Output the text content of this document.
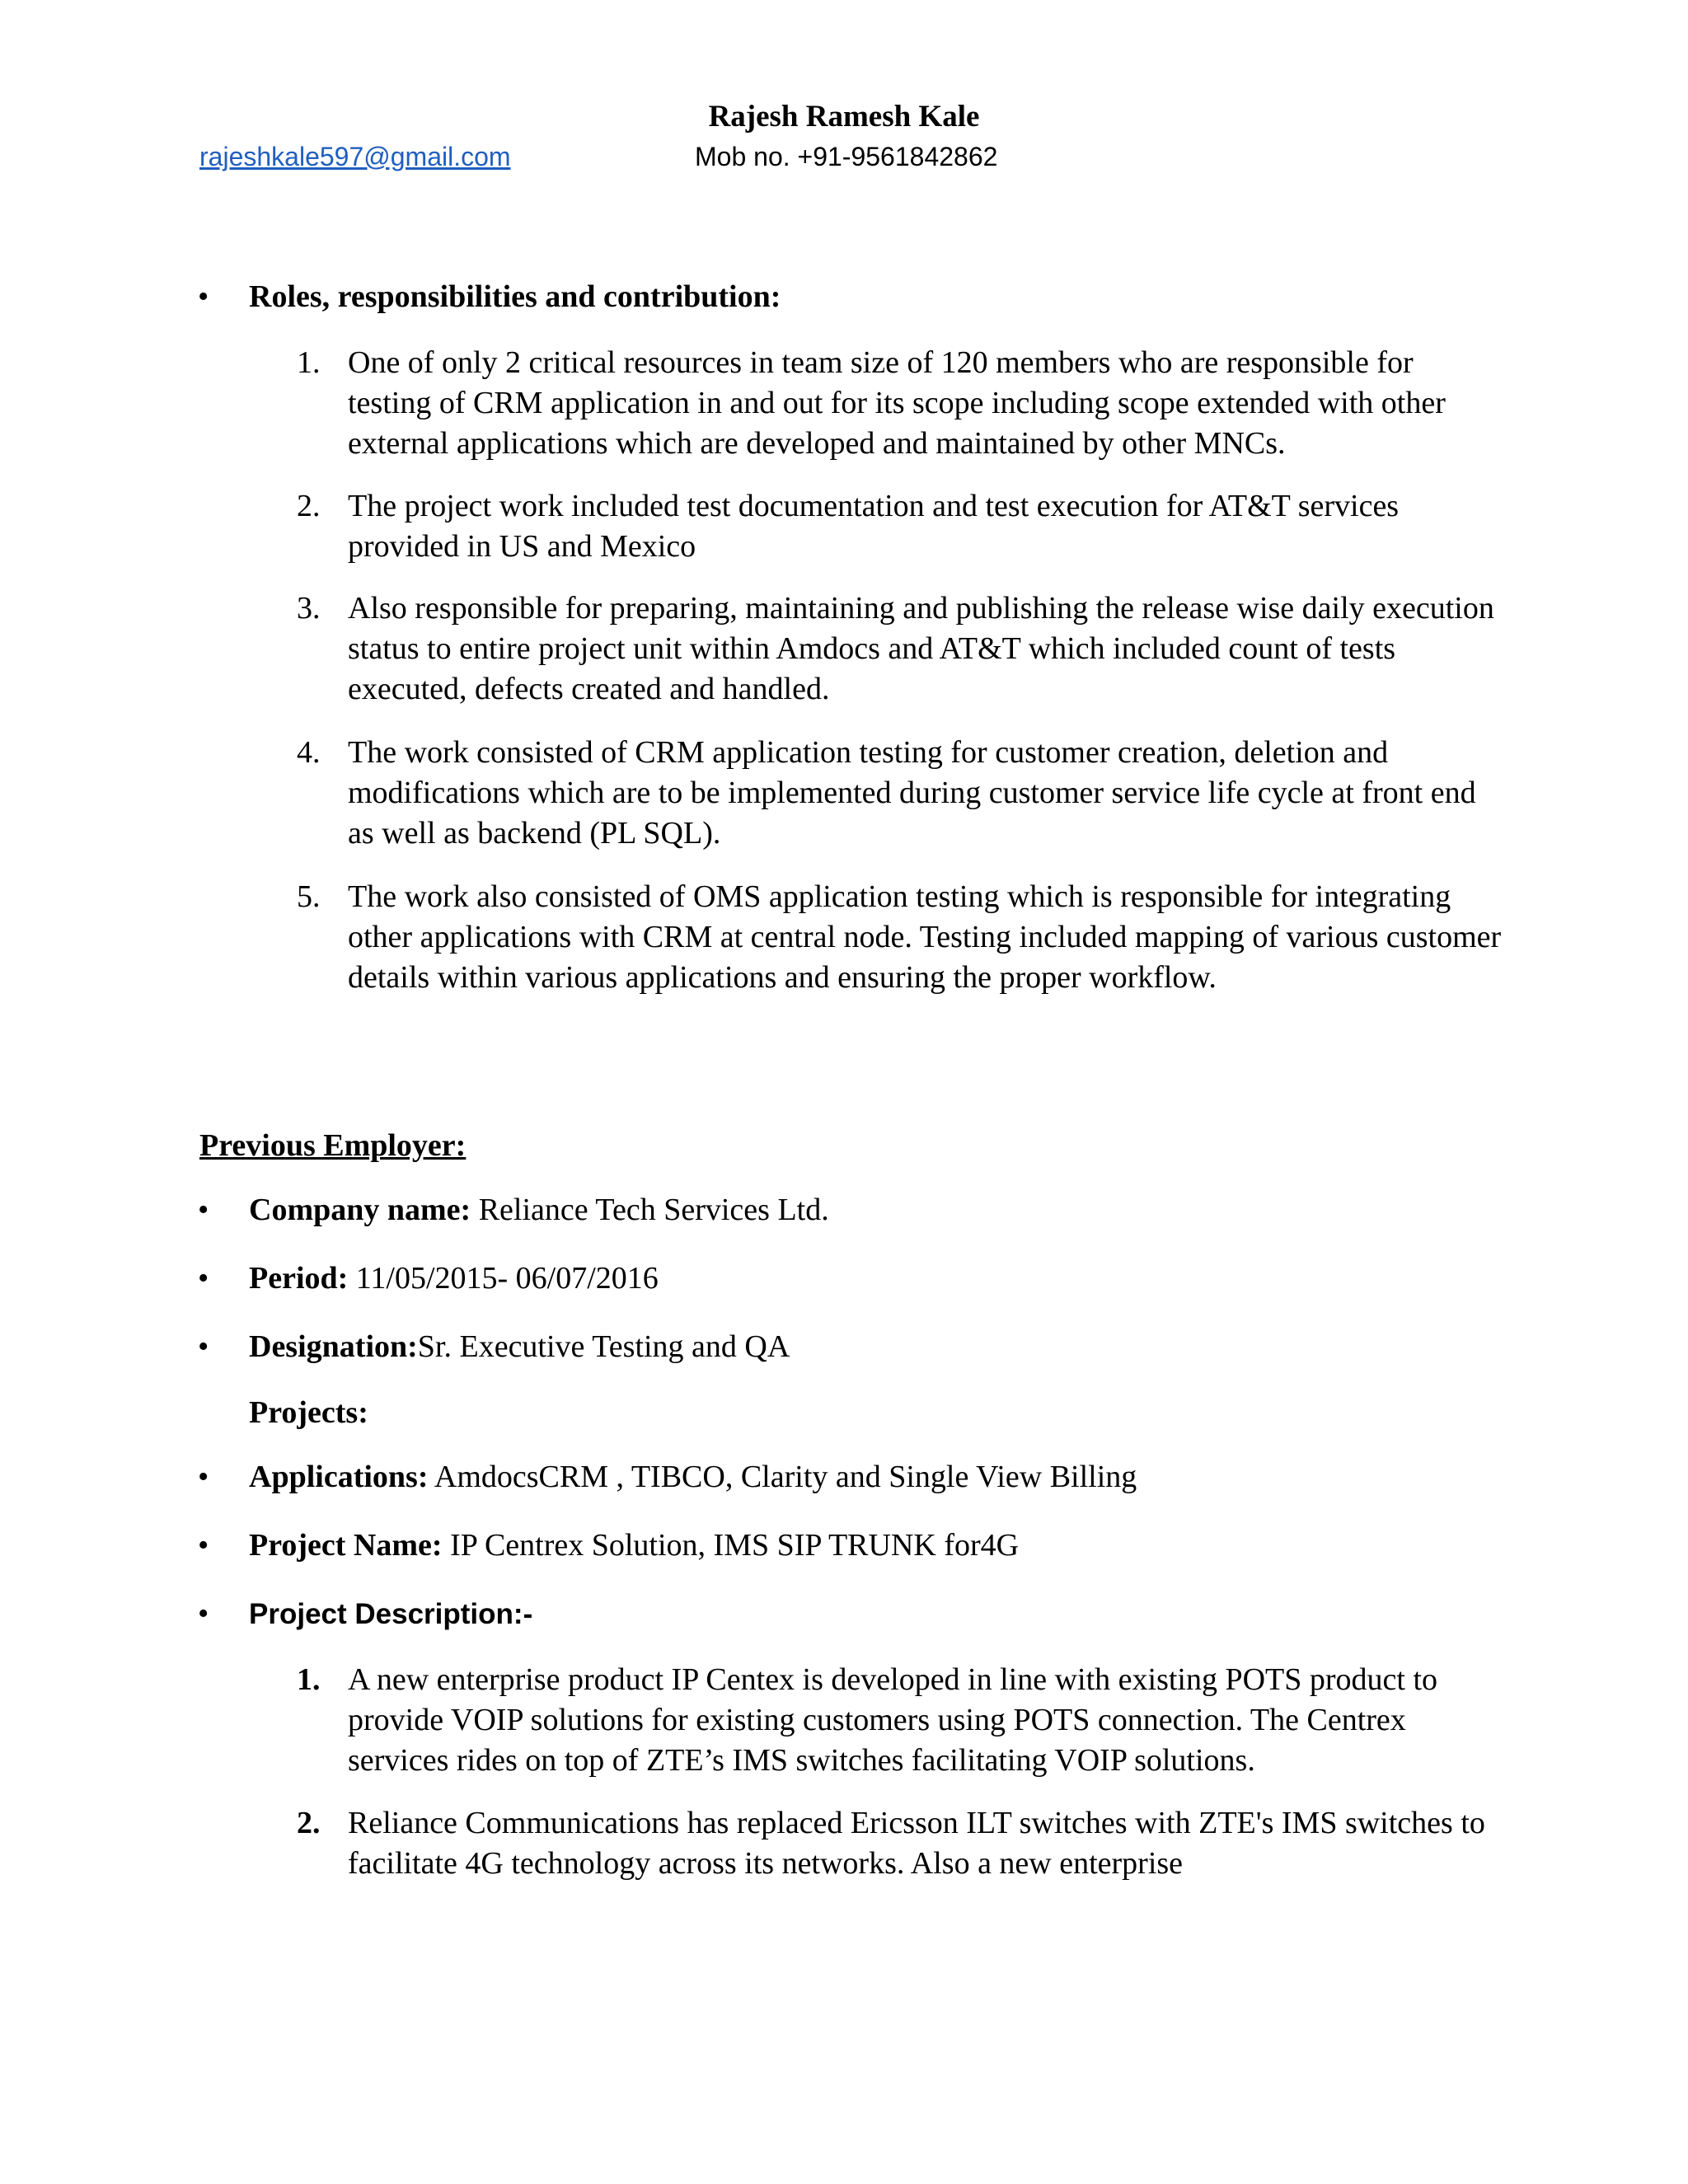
Rajesh Ramesh Kale
rajeshkale597@gmail.com	Mob no. +91-9561842862
• Roles, responsibilities and contribution:
1. One of only 2 critical resources in team size of 120 members who are responsible for testing of CRM application in and out for its scope including scope extended with other external applications which are developed and maintained by other MNCs.
2. The project work included test documentation and test execution for AT&T services provided in US and Mexico
3. Also responsible for preparing, maintaining and publishing the release wise daily execution status to entire project unit within Amdocs and AT&T which included count of tests executed, defects created and handled.
4. The work consisted of CRM application testing for customer creation, deletion and modifications which are to be implemented during customer service life cycle at front end as well as backend (PL SQL).
5. The work also consisted of OMS application testing which is responsible for integrating other applications with CRM at central node. Testing included mapping of various customer details within various applications and ensuring the proper workflow.
Previous Employer:
• Company name: Reliance Tech Services Ltd.
• Period: 11/05/2015- 06/07/2016
• Designation:Sr. Executive Testing and QA
Projects:
• Applications: AmdocsCRM , TIBCO, Clarity and Single View Billing
• Project Name: IP Centrex Solution, IMS SIP TRUNK for4G
• Project Description:-
1. A new enterprise product IP Centex is developed in line with existing POTS product to provide VOIP solutions for existing customers using POTS connection. The Centrex services rides on top of ZTE’s IMS switches facilitating VOIP solutions.
2. Reliance Communications has replaced Ericsson ILT switches with ZTE's IMS switches to facilitate 4G technology across its networks. Also a new enterprise
